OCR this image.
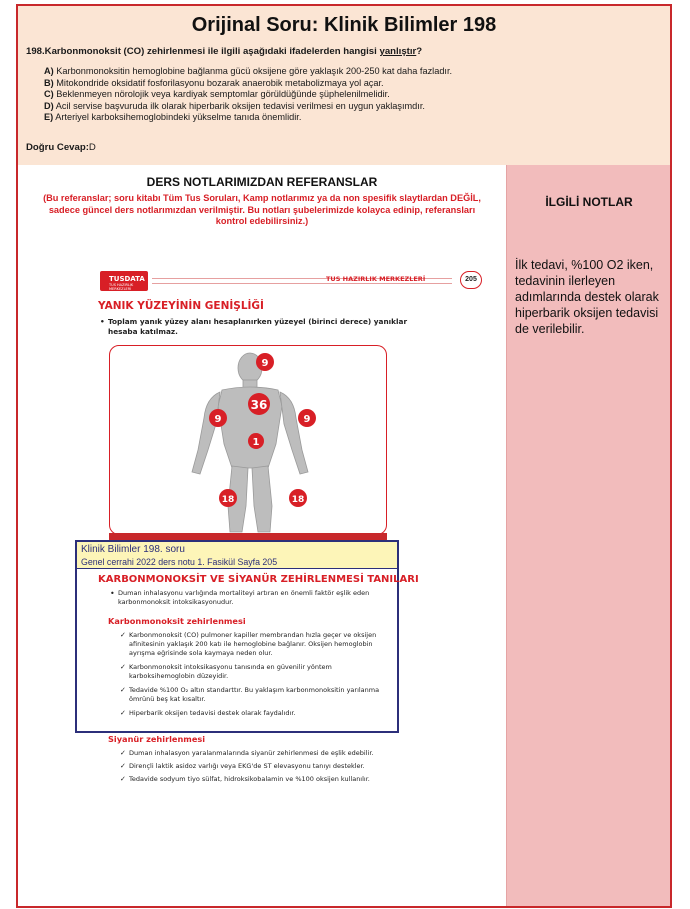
Orijinal Soru: Klinik Bilimler 198
198.Karbonmonoksit (CO) zehirlenmesi ile ilgili aşağıdaki ifadelerden hangisi yanlıştır?
A) Karbonmonoksitin hemoglobine bağlanma gücü oksijene göre yaklaşık 200-250 kat daha fazladır.
B) Mitokondride oksidatif fosforilasyonu bozarak anaerobik metabolizmaya yol açar.
C) Beklenmeyen nörolojik veya kardiyak semptomlar görüldüğünde şüphelenilmelidir.
D) Acil servise başvuruda ilk olarak hiperbarik oksijen tedavisi verilmesi en uygun yaklaşımdır.
E) Arteriyel karboksihemoglobindeki yükselme tanıda önemlidir.
Doğru Cevap:D
DERS NOTLARIMIZDAN REFERANSLAR
(Bu referanslar; soru kitabı Tüm Tus Soruları, Kamp notlarımız ya da non spesifik slaytlardan DEĞİL, sadece güncel ders notlarımızdan verilmiştir. Bu notları şubelerimizde kolayca edinip, referansları kontrol edebilirsiniz.)
TUSDATA
TUS HAZIRLIK MERKEZLERİ
TUS HAZIRLIK MERKEZLERİ	205
YANIK YÜZEYİNİN GENİŞLİĞİ
• Toplam yanık yüzey alanı hesaplanırken yüzeyel (birinci derece) yanıklar hesaba katılmaz.
9
36
9	9
1
18	18
Klinik Bilimler 198. soru
Genel cerrahi 2022 ders notu 1. Fasikül Sayfa 205
KARBONMONOKSİT VE SİYANÜR ZEHİRLENMESİ TANILARI
• Duman inhalasyonu varlığında mortaliteyi artıran en önemli faktör eşlik eden karbonmonoksit intoksikasyonudur.
Karbonmonoksit zehirlenmesi
✓ Karbonmonoksit (CO) pulmoner kapiller membrandan hızla geçer ve oksijen afinitesinin yaklaşık 200 katı ile hemoglobine bağlanır. Oksijen hemoglobin ayrışma eğrisinde sola kaymaya neden olur.
✓ Karbonmonoksit intoksikasyonu tanısında en güvenilir yöntem karboksihemoglobin düzeyidir.
✓ Tedavide %100 O₂ altın standarttır. Bu yaklaşım karbonmonoksitin yarılanma ömrünü beş kat kısaltır.
✓ Hiperbarik oksijen tedavisi destek olarak faydalıdır.
Siyanür zehirlenmesi
✓ Duman inhalasyon yaralanmalarında siyanür zehirlenmesi de eşlik edebilir.
✓ Dirençli laktik asidoz varlığı veya EKG'de ST elevasyonu tanıyı destekler.
✓ Tedavide sodyum tiyo sülfat, hidroksikobalamin ve %100 oksijen kullanılır.
İLGİLİ NOTLAR
İlk tedavi, %100 O2 iken, tedavinin ilerleyen adımlarında destek olarak hiperbarik oksijen tedavisi de verilebilir.
